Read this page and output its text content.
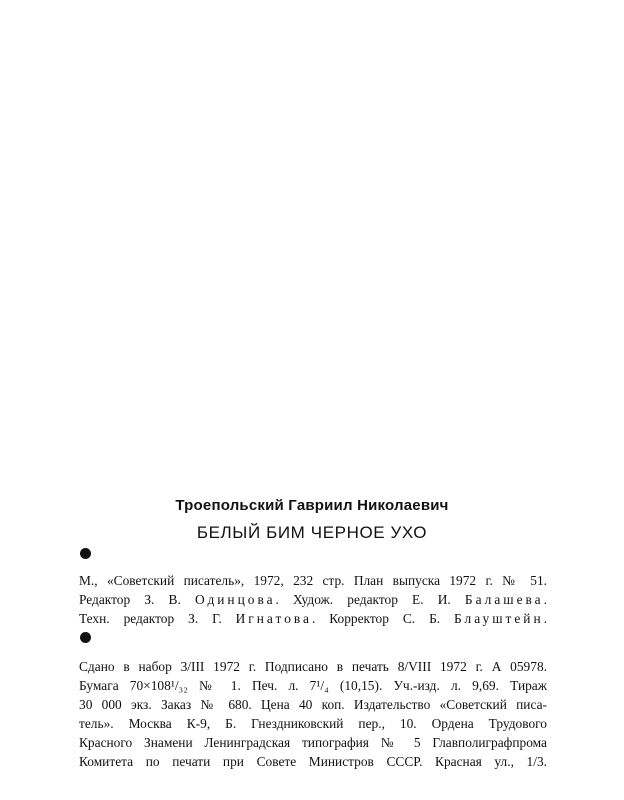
Троепольский Гавриил Николаевич
БЕЛЫЙ БИМ ЧЕРНОЕ УХО
М., «Советский писатель», 1972, 232 стр. План выпуска 1972 г. № 51.
Редактор З. В. Одинцова. Худож. редактор Е. И. Балашева.
Техн. редактор З. Г. Игнатова. Корректор С. Б. Блауштейн.
Сдано в набор 3/III 1972 г. Подписано в печать 8/VIII 1972 г. А 05978.
Бумага 70×108¹/₃₂ № 1. Печ. л. 7¹/₄ (10,15). Уч.-изд. л. 9,69. Тираж
30 000 экз. Заказ № 680. Цена 40 коп. Издательство «Советский писа-
тель». Москва К-9, Б. Гнездниковский пер., 10. Ордена Трудового
Красного Знамени Ленинградская типография № 5 Главполиграфпрома
Комитета по печати при Совете Министров СССР. Красная ул., 1/3.
